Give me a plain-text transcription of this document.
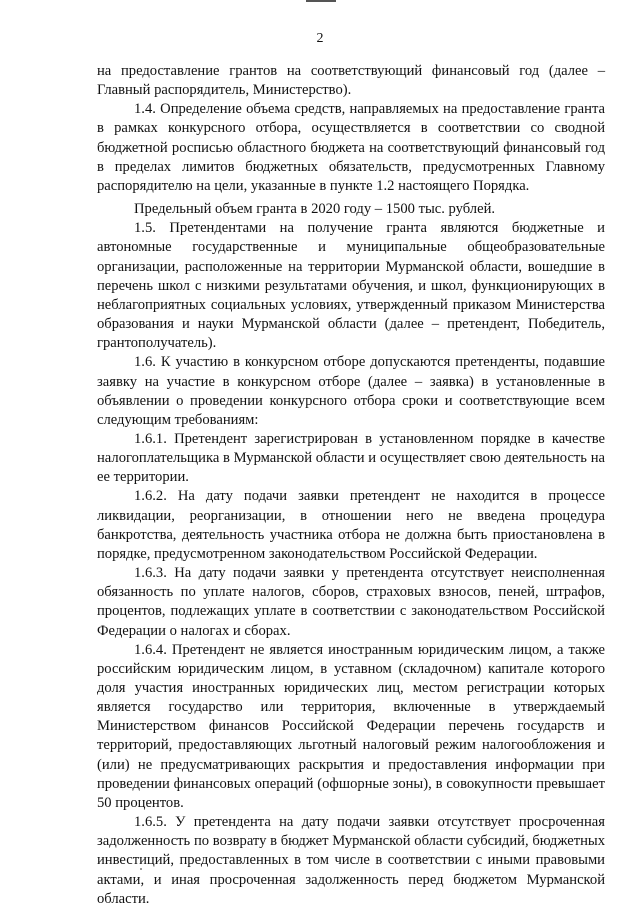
2

на предоставление грантов на соответствующий финансовый год (далее – Главный распорядитель, Министерство).

1.4. Определение объема средств, направляемых на предоставление гранта в рамках конкурсного отбора, осуществляется в соответствии со сводной бюджетной росписью областного бюджета на соответствующий финансовый год в пределах лимитов бюджетных обязательств, предусмотренных Главному распорядителю на цели, указанные в пункте 1.2 настоящего Порядка.

Предельный объем гранта в 2020 году – 1500 тыс. рублей.

1.5. Претендентами на получение гранта являются бюджетные и автономные государственные и муниципальные общеобразовательные организации, расположенные на территории Мурманской области, вошедшие в перечень школ с низкими результатами обучения, и школ, функционирующих в неблагоприятных социальных условиях, утвержденный приказом Министерства образования и науки Мурманской области (далее – претендент, Победитель, грантополучатель).

1.6. К участию в конкурсном отборе допускаются претенденты, подавшие заявку на участие в конкурсном отборе (далее – заявка) в установленные в объявлении о проведении конкурсного отбора сроки и соответствующие всем следующим требованиям:

1.6.1. Претендент зарегистрирован в установленном порядке в качестве налогоплательщика в Мурманской области и осуществляет свою деятельность на ее территории.

1.6.2. На дату подачи заявки претендент не находится в процессе ликвидации, реорганизации, в отношении него не введена процедура банкротства, деятельность участника отбора не должна быть приостановлена в порядке, предусмотренном законодательством Российской Федерации.

1.6.3. На дату подачи заявки у претендента отсутствует неисполненная обязанность по уплате налогов, сборов, страховых взносов, пеней, штрафов, процентов, подлежащих уплате в соответствии с законодательством Российской Федерации о налогах и сборах.

1.6.4. Претендент не является иностранным юридическим лицом, а также российским юридическим лицом, в уставном (складочном) капитале которого доля участия иностранных юридических лиц, местом регистрации которых является государство или территория, включенные в утверждаемый Министерством финансов Российской Федерации перечень государств и территорий, предоставляющих льготный налоговый режим налогообложения и (или) не предусматривающих раскрытия и предоставления информации при проведении финансовых операций (офшорные зоны), в совокупности превышает 50 процентов.

1.6.5. У претендента на дату подачи заявки отсутствует просроченная задолженность по возврату в бюджет Мурманской области субсидий, бюджетных инвестиций, предоставленных в том числе в соответствии с иными правовыми актами, и иная просроченная задолженность перед бюджетом Мурманской области.
